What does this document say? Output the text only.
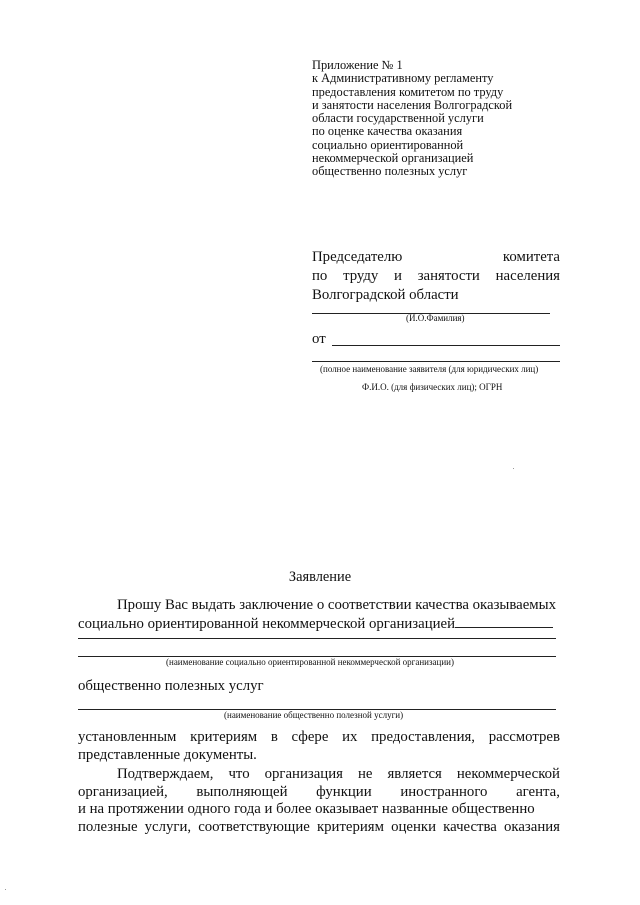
Приложение № 1
к Административному регламенту
предоставления комитетом по труду
и занятости населения Волгоградской
области государственной услуги
по оценке качества оказания
социально ориентированной
некоммерческой организацией
общественно полезных услуг
Председателю	комитета
по труду и занятости населения
Волгоградской области
(И.О.Фамилия)
от
(полное наименование заявителя (для юридических лиц)
Ф.И.О. (для физических лиц); ОГРН
Заявление
Прошу Вас выдать заключение о соответствии качества оказываемых
социально ориентированной некоммерческой организацией
(наименование социально ориентированной некоммерческой организации)
общественно полезных услуг
(наименование общественно полезной услуги)
установленным критериям в сфере их предоставления, рассмотрев
представленные документы.
Подтверждаем, что организация не является некоммерческой
организацией, выполняющей функции иностранного агента,
и на протяжении одного года и более оказывает названные общественно
полезные услуги, соответствующие критериям оценки качества оказания
